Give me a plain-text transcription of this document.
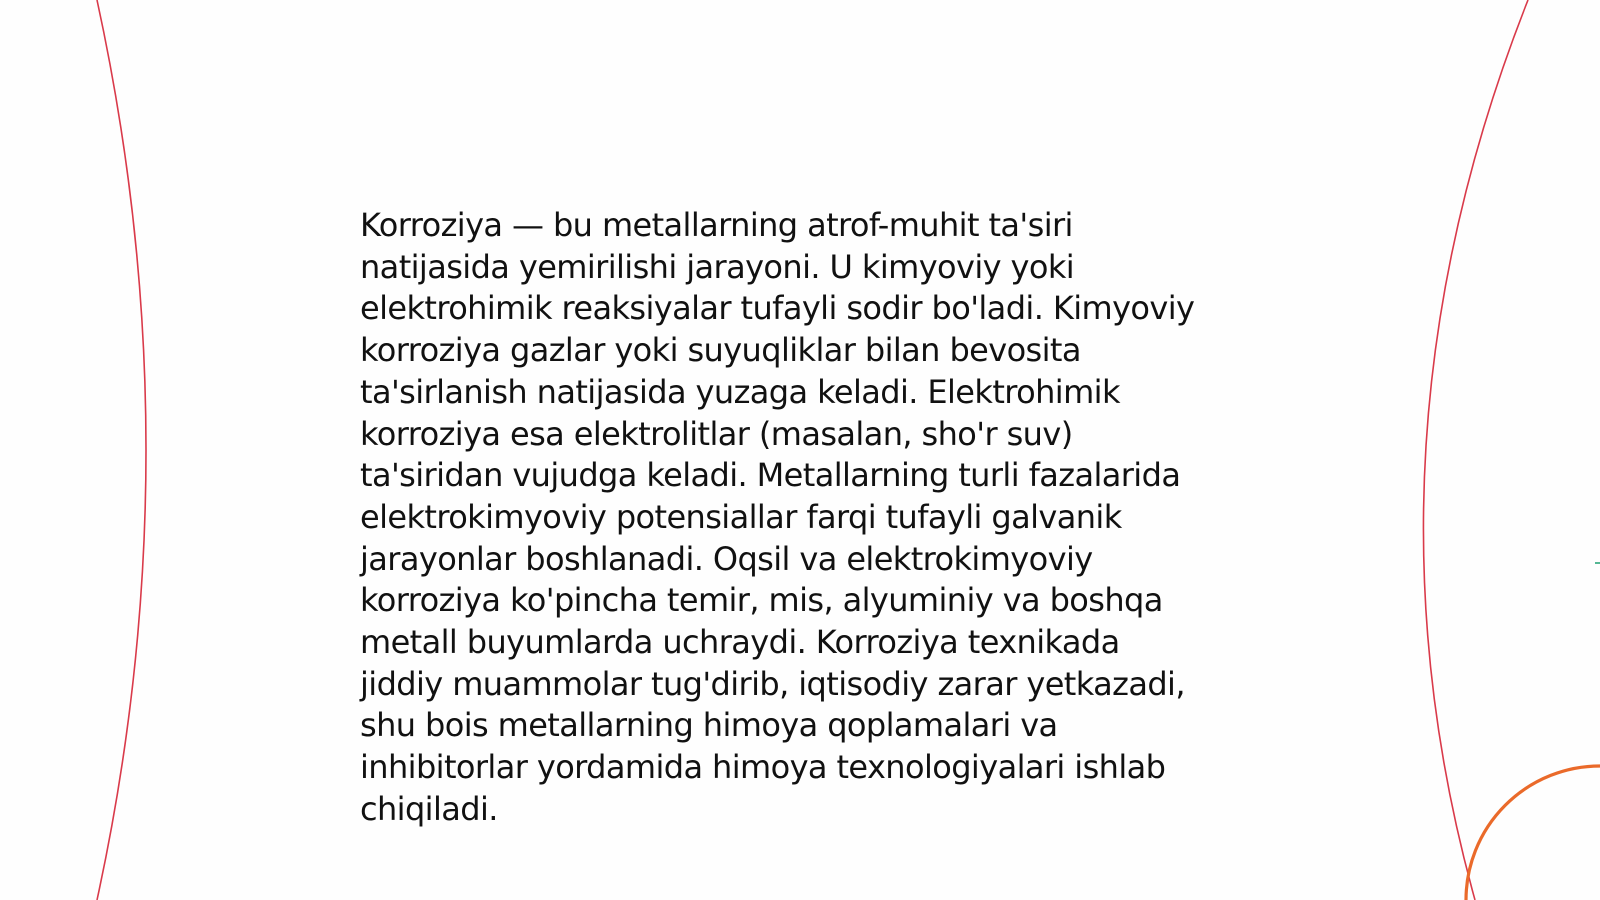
Korroziya — bu metallarning atrof-muhit ta'siri
natijasida yemirilishi jarayoni. U kimyoviy yoki
elektrohimik reaksiyalar tufayli sodir bo'ladi. Kimyoviy
korroziya gazlar yoki suyuqliklar bilan bevosita
ta'sirlanish natijasida yuzaga keladi. Elektrohimik
korroziya esa elektrolitlar (masalan, sho'r suv)
ta'siridan vujudga keladi. Metallarning turli fazalarida
elektrokimyoviy potensiallar farqi tufayli galvanik
jarayonlar boshlanadi. Oqsil va elektrokimyoviy
korroziya ko'pincha temir, mis, alyuminiy va boshqa
metall buyumlarda uchraydi. Korroziya texnikada
jiddiy muammolar tug'dirib, iqtisodiy zarar yetkazadi,
shu bois metallarning himoya qoplamalari va
inhibitorlar yordamida himoya texnologiyalari ishlab
chiqiladi.
